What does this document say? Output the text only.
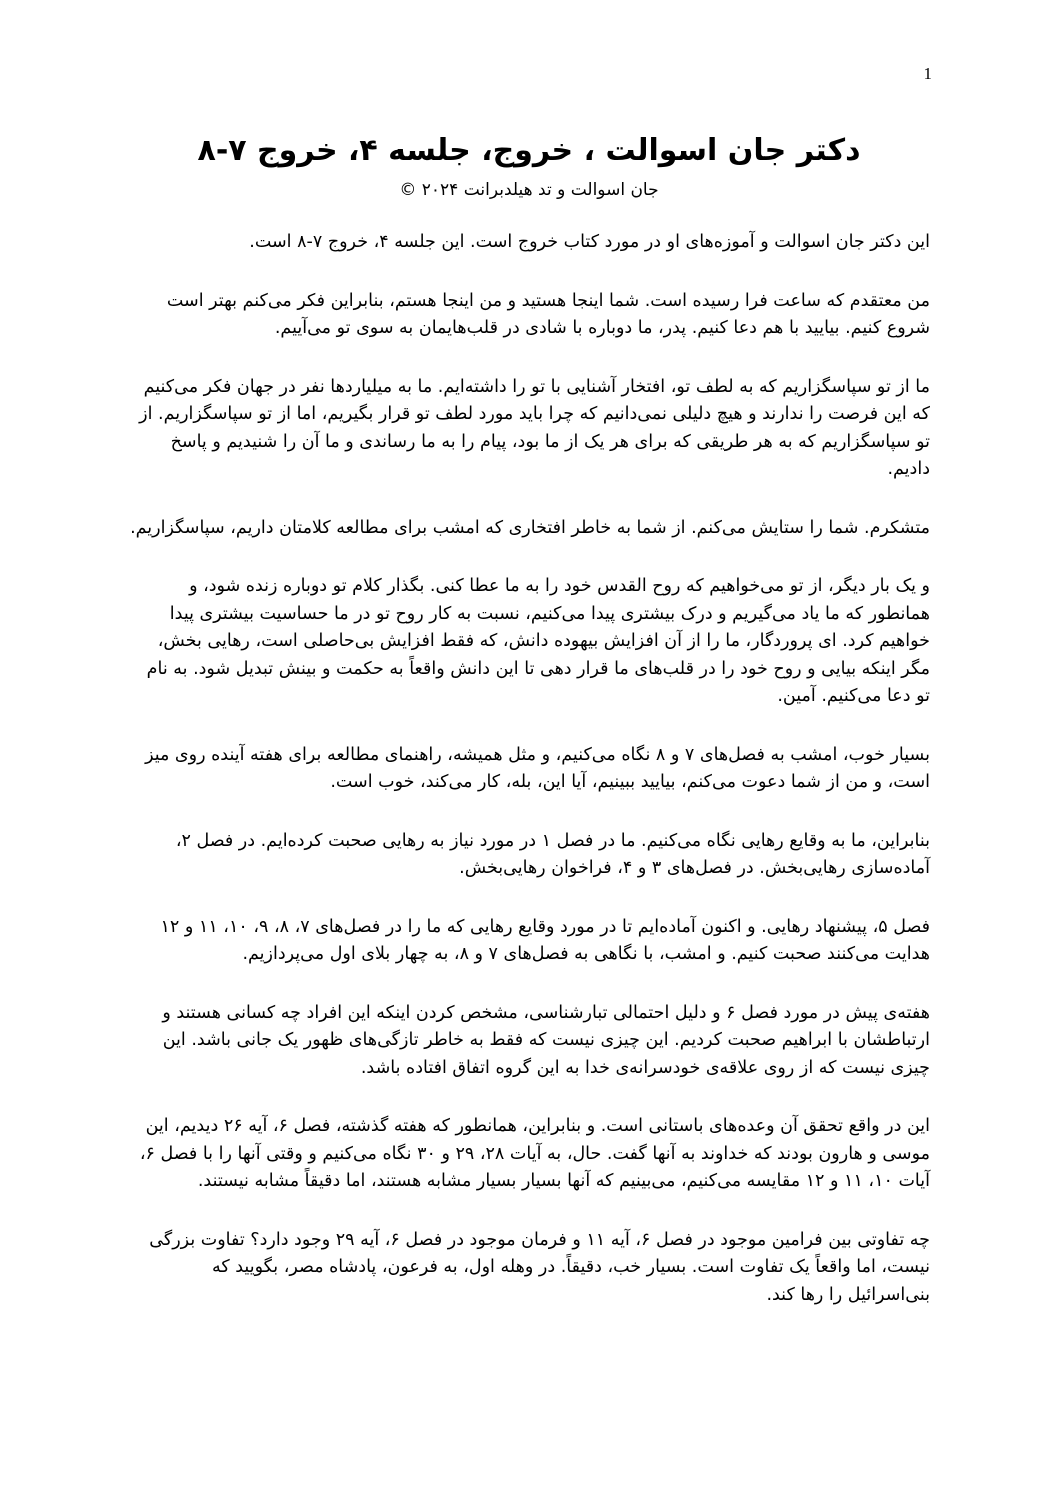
1
دکتر جان اسوالت ، خروج، جلسه ۴، خروج ۷-۸
جان اسوالت و تد هیلدبرانت ۲۰۲۴ ©

این دکتر جان اسوالت و آموزه‌های او در مورد کتاب خروج است. این جلسه ۴، خروج ۷-۸ است.

من معتقدم که ساعت فرا رسیده است. شما اینجا هستید و من اینجا هستم، بنابراین فکر می‌کنم بهتر است شروع کنیم. بیایید با هم دعا کنیم. پدر، ما دوباره با شادی در قلب‌هایمان به سوی تو می‌آییم.

ما از تو سپاسگزاریم که به لطف تو، افتخار آشنایی با تو را داشته‌ایم. ما به میلیاردها نفر در جهان فکر می‌کنیم که این فرصت را ندارند و هیچ دلیلی نمی‌دانیم که چرا باید مورد لطف تو قرار بگیریم، اما از تو سپاسگزاریم. از تو سپاسگزاریم که به هر طریقی که برای هر یک از ما بود، پیام را به ما رساندی و ما آن را شنیدیم و پاسخ دادیم.

متشکرم. شما را ستایش می‌کنم. از شما به خاطر افتخاری که امشب برای مطالعه کلامتان داریم، سپاسگزاریم.

و یک بار دیگر، از تو می‌خواهیم که روح القدس خود را به ما عطا کنی. بگذار کلام تو دوباره زنده شود، و همانطور که ما یاد می‌گیریم و درک بیشتری پیدا می‌کنیم، نسبت به کار روح تو در ما حساسیت بیشتری پیدا خواهیم کرد. ای پروردگار، ما را از آن افزایش بیهوده دانش، که فقط افزایش بی‌حاصلی است، رهایی بخش، مگر اینکه بیایی و روح خود را در قلب‌های ما قرار دهی تا این دانش واقعاً به حکمت و بینش تبدیل شود. به نام تو دعا می‌کنیم. آمین.

بسیار خوب، امشب به فصل‌های ۷ و ۸ نگاه می‌کنیم، و مثل همیشه، راهنمای مطالعه برای هفته آینده روی میز است، و من از شما دعوت می‌کنم، بیایید ببینیم، آیا این، بله، کار می‌کند، خوب است.

بنابراین، ما به وقایع رهایی نگاه می‌کنیم. ما در فصل ۱ در مورد نیاز به رهایی صحبت کرده‌ایم. در فصل ۲، آماده‌سازی رهایی‌بخش. در فصل‌های ۳ و ۴، فراخوان رهایی‌بخش.

فصل ۵، پیشنهاد رهایی. و اکنون آماده‌ایم تا در مورد وقایع رهایی که ما را در فصل‌های ۷، ۸، ۹، ۱۰، ۱۱ و ۱۲ هدایت می‌کنند صحبت کنیم. و امشب، با نگاهی به فصل‌های ۷ و ۸، به چهار بلای اول می‌پردازیم.

هفته‌ی پیش در مورد فصل ۶ و دلیل احتمالی تبارشناسی، مشخص کردن اینکه این افراد چه کسانی هستند و ارتباطشان با ابراهیم صحبت کردیم. این چیزی نیست که فقط به خاطر تازگی‌های ظهور یک جانی باشد. این چیزی نیست که از روی علاقه‌ی خودسرانه‌ی خدا به این گروه اتفاق افتاده باشد.

این در واقع تحقق آن وعده‌های باستانی است. و بنابراین، همانطور که هفته گذشته، فصل ۶، آیه ۲۶ دیدیم، این موسی و هارون بودند که خداوند به آنها گفت. حال، به آیات ۲۸، ۲۹ و ۳۰ نگاه می‌کنیم و وقتی آنها را با فصل ۶، آیات ۱۰، ۱۱ و ۱۲ مقایسه می‌کنیم، می‌بینیم که آنها بسیار بسیار مشابه هستند، اما دقیقاً مشابه نیستند.

چه تفاوتی بین فرامین موجود در فصل ۶، آیه ۱۱ و فرمان موجود در فصل ۶، آیه ۲۹ وجود دارد؟ تفاوت بزرگی نیست، اما واقعاً یک تفاوت است. بسیار خب، دقیقاً. در وهله اول، به فرعون، پادشاه مصر، بگویید که بنی‌اسرائیل را رها کند.
